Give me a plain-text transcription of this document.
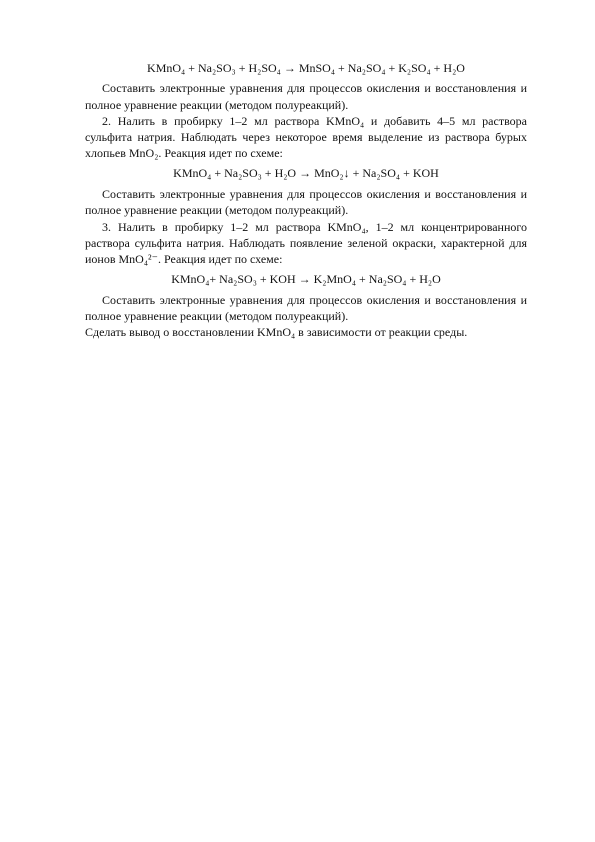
KMnO₄ + Na₂SO₃ + H₂SO₄ → MnSO₄ + Na₂SO₄ + K₂SO₄ + H₂O

Составить электронные уравнения для процессов окисления и восстановления и полное уравнение реакции (методом полуреакций).

2. Налить в пробирку 1–2 мл раствора KMnO₄ и добавить 4–5 мл раствора сульфита натрия. Наблюдать через некоторое время выделение из раствора бурых хлопьев MnO₂. Реакция идет по схеме:

KMnO₄ + Na₂SO₃ + H₂O → MnO₂↓ + Na₂SO₄ + KOH

Составить электронные уравнения для процессов окисления и восстановления и полное уравнение реакции (методом полуреакций).

3. Налить в пробирку 1–2 мл раствора KMnO₄, 1–2 мл концентрированного раствора сульфита натрия. Наблюдать появление зеленой окраски, характерной для ионов MnO₄²⁻. Реакция идет по схеме:

KMnO₄+ Na₂SO₃ + KOH → K₂MnO₄ + Na₂SO₄ + H₂O

Составить электронные уравнения для процессов окисления и восстановления и полное уравнение реакции (методом полуреакций).

Сделать вывод о восстановлении KMnO₄ в зависимости от реакции среды.
